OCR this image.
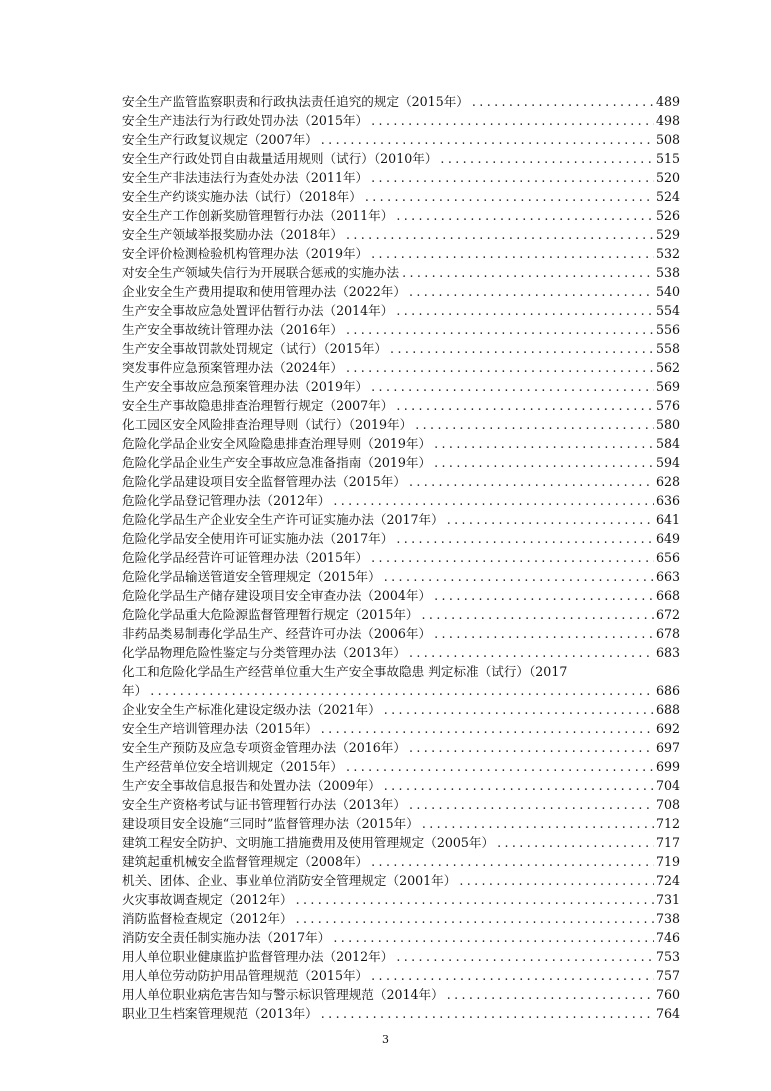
安全生产监管监察职责和行政执法责任追究的规定（2015年） .....	489
安全生产违法行为行政处罚办法（2015年） .....	498
安全生产行政复议规定（2007年） .....	508
安全生产行政处罚自由裁量适用规则（试行）（2010年） .....	515
安全生产非法违法行为查处办法（2011年） .....	520
安全生产约谈实施办法（试行）（2018年） .....	524
安全生产工作创新奖励管理暂行办法（2011年） .....	526
安全生产领域举报奖励办法（2018年） .....	529
安全评价检测检验机构管理办法（2019年） .....	532
对安全生产领域失信行为开展联合惩戒的实施办法 .....	538
企业安全生产费用提取和使用管理办法（2022年） .....	540
生产安全事故应急处置评估暂行办法（2014年） .....	554
生产安全事故统计管理办法（2016年） .....	556
生产安全事故罚款处罚规定（试行）（2015年） .....	558
突发事件应急预案管理办法（2024年） .....	562
生产安全事故应急预案管理办法（2019年） .....	569
安全生产事故隐患排查治理暂行规定（2007年） .....	576
化工园区安全风险排查治理导则（试行）（2019年） .....	580
危险化学品企业安全风险隐患排查治理导则（2019年） .....	584
危险化学品企业生产安全事故应急准备指南（2019年） .....	594
危险化学品建设项目安全监督管理办法（2015年） .....	628
危险化学品登记管理办法（2012年） .....	636
危险化学品生产企业安全生产许可证实施办法（2017年） .....	641
危险化学品安全使用许可证实施办法（2017年） .....	649
危险化学品经营许可证管理办法（2015年） .....	656
危险化学品输送管道安全管理规定（2015年） .....	663
危险化学品生产储存建设项目安全审查办法（2004年） .....	668
危险化学品重大危险源监督管理暂行规定（2015年） .....	672
非药品类易制毒化学品生产、经营许可办法（2006年） .....	678
化学品物理危险性鉴定与分类管理办法（2013年） .....	683
化工和危险化学品生产经营单位重大生产安全事故隐患 判定标准（试行）（2017
年） .....	686
企业安全生产标准化建设定级办法（2021年） .....	688
安全生产培训管理办法（2015年） .....	692
安全生产预防及应急专项资金管理办法（2016年） .....	697
生产经营单位安全培训规定（2015年） .....	699
生产安全事故信息报告和处置办法（2009年） .....	704
安全生产资格考试与证书管理暂行办法（2013年） .....	708
建设项目安全设施“三同时”监督管理办法（2015年） .....	712
建筑工程安全防护、文明施工措施费用及使用管理规定（2005年） .....	717
建筑起重机械安全监督管理规定（2008年） .....	719
机关、团体、企业、事业单位消防安全管理规定（2001年） .....	724
火灾事故调查规定（2012年） .....	731
消防监督检查规定（2012年） .....	738
消防安全责任制实施办法（2017年） .....	746
用人单位职业健康监护监督管理办法（2012年） .....	753
用人单位劳动防护用品管理规范（2015年） .....	757
用人单位职业病危害告知与警示标识管理规范（2014年） .....	760
职业卫生档案管理规范（2013年） .....	764
3
